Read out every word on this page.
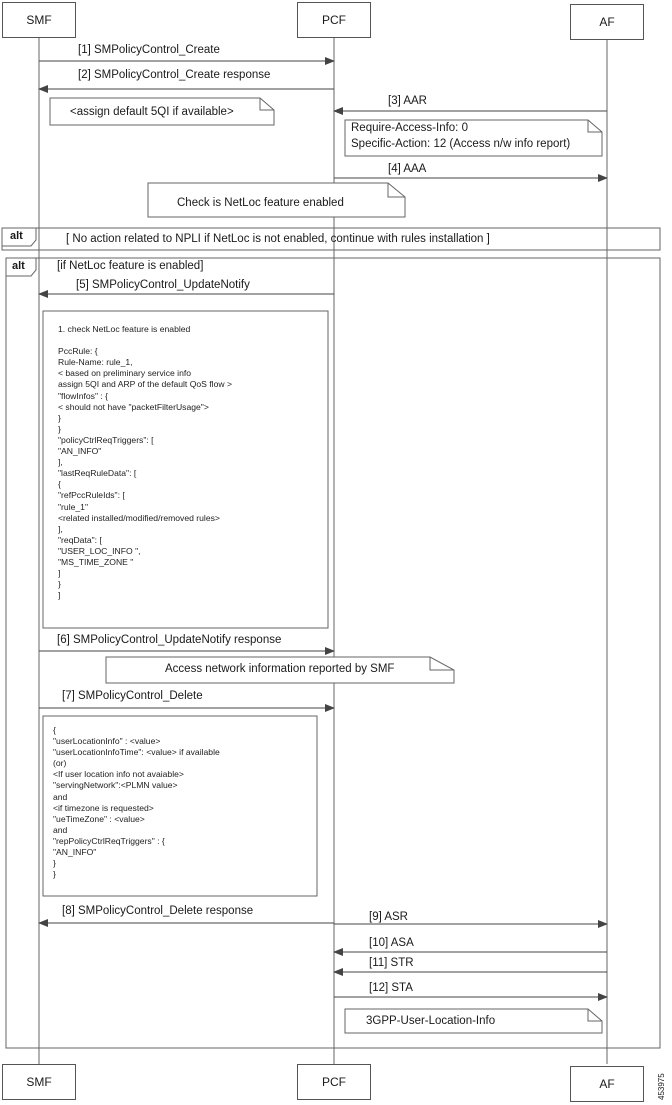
SMF	PCF	AF
SMF	PCF	AF
[1] SMPolicyControl_Create
[2] SMPolicyControl_Create response
[3] AAR
[4] AAA
[5] SMPolicyControl_UpdateNotify
[6] SMPolicyControl_UpdateNotify response
[7] SMPolicyControl_Delete
[8] SMPolicyControl_Delete response	[9] ASR
[10] ASA
[11] STR
[12] STA
<assign default 5QI if available>
Require-Access-Info: 0
Specific-Action: 12 (Access n/w info report)
Check is NetLoc feature enabled
Access network information reported by SMF
3GPP-User-Location-Info
alt	[ No action related to NPLI if NetLoc is not enabled, continue with rules installation ]
alt	[if NetLoc feature is enabled]
1. check NetLoc feature is enabled

PccRule: {
Rule-Name: rule_1,
< based on preliminary service info
assign 5QI and ARP of the default QoS flow >
"flowInfos" : {
< should not have "packetFilterUsage">
}
}
"policyCtrlReqTriggers": [
"AN_INFO"
],
"lastReqRuleData": [
{
"refPccRuleIds": [
"rule_1"
<related installed/modified/removed rules>
],
"reqData": [
"USER_LOC_INFO ",
"MS_TIME_ZONE "
]
}
]
{
"userLocationInfo" : <value>
"userLocationInfoTime": <value> if available
(or)
<If user location info not avaiable>
"servingNetwork":<PLMN value>
and
<if timezone is requested>
"ueTimeZone" : <value>
and
"repPolicyCtrlReqTriggers" : {
"AN_INFO"
}
}
453975
